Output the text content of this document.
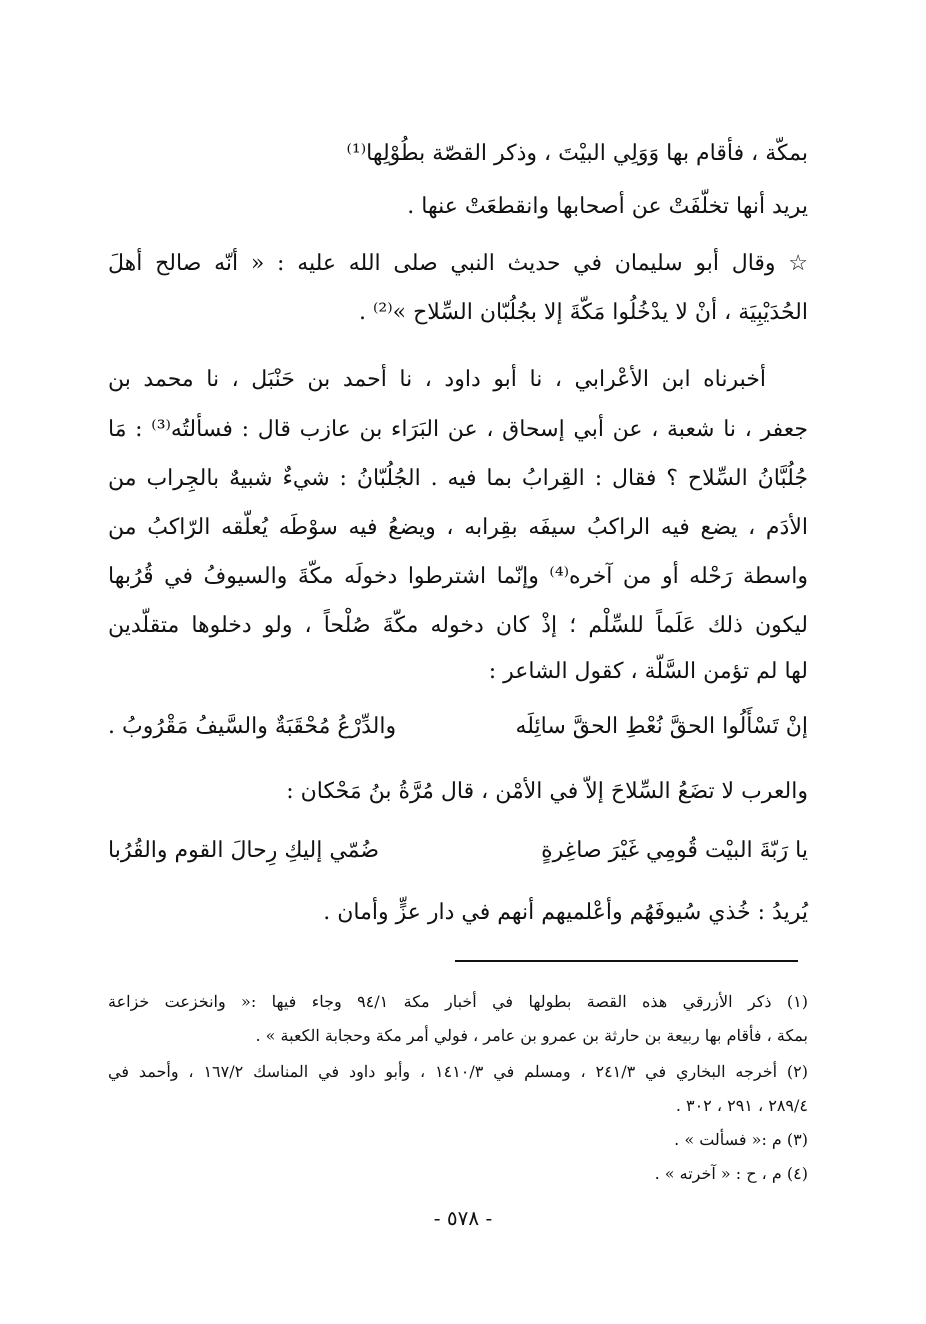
بمكّة ، فأقام بها وَوَلِي البيْتَ ، وذكر القصّة بطُوْلِها⁽¹⁾
يريد أنها تخلّفَتْ عن أصحابها وانقطعَتْ عنها .
☆ وقال أبو سليمان في حديث النبي صلى الله عليه : « أنّه صالح أهلَ
الحُدَيْبِيَة ، أنْ لا يدْخُلُوا مَكّةَ إلا بجُلُبّان السِّلاح »⁽²⁾ .
أخبرناه ابن الأعْرابي ، نا أبو داود ، نا أحمد بن حَنْبَل ، نا محمد بن
جعفر ، نا شعبة ، عن أبي إسحاق ، عن البَرَاء بن عازب قال : فسألتُه⁽³⁾ : مَا
جُلُبَّانُ السِّلاح ؟ فقال : القِرابُ بما فيه . الجُلُبّانُ : شيءٌ شبيهٌ بالجِراب من
الأدَم ، يضع فيه الراكبُ سيفَه بقِرابه ، ويضعُ فيه سوْطَه يُعلّقه الرّاكبُ من
واسطة رَحْله أو من آخره⁽⁴⁾ وإنّما اشترطوا دخولَه مكّةَ والسيوفُ في قُرُبها
ليكون ذلك عَلَماً للسِّلْم ؛ إذْ كان دخوله مكّةَ صُلْحاً ، ولو دخلوها متقلّدين
لها لم تؤمن السَّلّة ، كقول الشاعر :
إنْ تَسْأَلُوا الحقَّ نُعْطِ الحقَّ سائِلَه
والدِّرْعُ مُحْقَبَةٌ والسَّيفُ مَقْرُوبُ .
والعرب لا تضَعُ السِّلاحَ إلاّ في الأمْن ، قال مُرَّةُ بنُ مَحْكان :
يا رَبّةَ البيْت قُومِي غَيْرَ صاغِرةٍ
ضُمّي إليكِ رِحالَ القوم والقُرُبا
يُريدُ : خُذي سُيوفَهُم وأعْلميهم أنهم في دار عزٍّ وأمان .
(١) ذكر الأزرقي هذه القصة بطولها في أخبار مكة ٩٤/١ وجاء فيها :« وانخزعت خزاعة
بمكة ، فأقام بها ربيعة بن حارثة بن عمرو بن عامر ، فولي أمر مكة وحجابة الكعبة » .
(٢) أخرجه البخاري في ٢٤١/٣ ، ومسلم في ١٤١٠/٣ ، وأبو داود في المناسك ١٦٧/٢ ، وأحمد في
٢٨٩/٤ ، ٢٩١ ، ٣٠٢ .
(٣) م :« فسألت » .
(٤) م ، ح : « آخرته » .
- ٥٧٨ -
